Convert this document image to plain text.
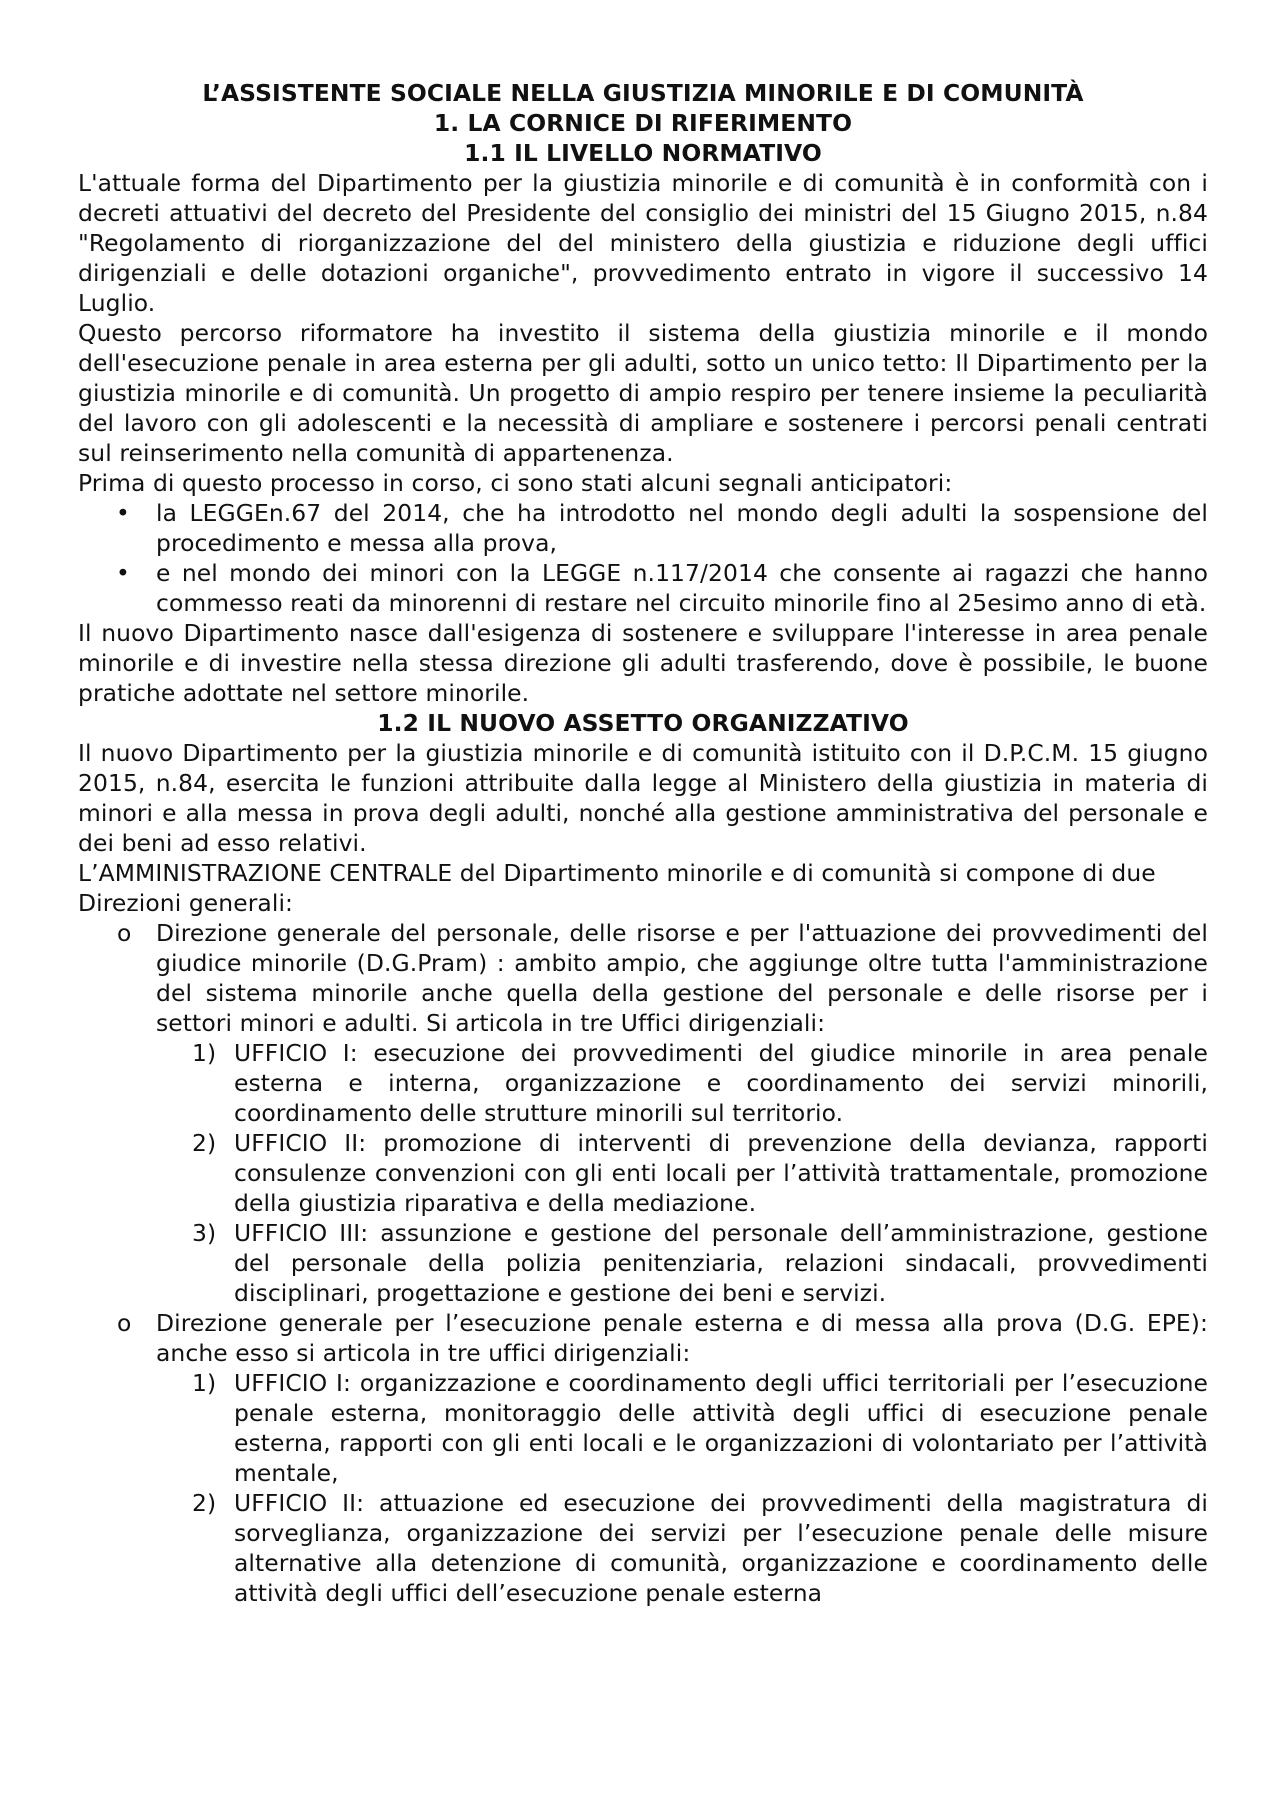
L’ASSISTENTE SOCIALE NELLA GIUSTIZIA MINORILE E DI COMUNITÀ

1. LA CORNICE DI RIFERIMENTO

1.1 IL LIVELLO NORMATIVO

L'attuale forma del Dipartimento per la giustizia minorile e di comunità è in conformità con i decreti attuativi del decreto del Presidente del consiglio dei ministri del 15 Giugno 2015, n.84 "Regolamento di riorganizzazione del del ministero della giustizia e riduzione degli uffici dirigenziali e delle dotazioni organiche", provvedimento entrato in vigore il successivo 14 Luglio.

Questo percorso riformatore ha investito il sistema della giustizia minorile e il mondo dell'esecuzione penale in area esterna per gli adulti, sotto un unico tetto: Il Dipartimento per la giustizia minorile e di comunità. Un progetto di ampio respiro per tenere insieme la peculiarità del lavoro con gli adolescenti e la necessità di ampliare e sostenere i percorsi penali centrati sul reinserimento nella comunità di appartenenza.

Prima di questo processo in corso, ci sono stati alcuni segnali anticipatori:

• la LEGGEn.67 del 2014, che ha introdotto nel mondo degli adulti la sospensione del procedimento e messa alla prova,
• e nel mondo dei minori con la LEGGE n.117/2014 che consente ai ragazzi che hanno commesso reati da minorenni di restare nel circuito minorile fino al 25esimo anno di età.

Il nuovo Dipartimento nasce dall'esigenza di sostenere e sviluppare l'interesse in area penale minorile e di investire nella stessa direzione gli adulti trasferendo, dove è possibile, le buone pratiche adottate nel settore minorile.

1.2 IL NUOVO ASSETTO ORGANIZZATIVO

Il nuovo Dipartimento per la giustizia minorile e di comunità istituito con il D.P.C.M. 15 giugno 2015, n.84, esercita le funzioni attribuite dalla legge al Ministero della giustizia in materia di minori e alla messa in prova degli adulti, nonché alla gestione amministrativa del personale e dei beni ad esso relativi.

L’AMMINISTRAZIONE CENTRALE del Dipartimento minorile e di comunità si compone di due Direzioni generali:

o Direzione generale del personale, delle risorse e per l'attuazione dei provvedimenti del giudice minorile (D.G.Pram) : ambito ampio, che aggiunge oltre tutta l'amministrazione del sistema minorile anche quella della gestione del personale e delle risorse per i settori minori e adulti. Si articola in tre Uffici dirigenziali:
1) UFFICIO I: esecuzione dei provvedimenti del giudice minorile in area penale esterna e interna, organizzazione e coordinamento dei servizi minorili, coordinamento delle strutture minorili sul territorio.
2) UFFICIO II: promozione di interventi di prevenzione della devianza, rapporti consulenze convenzioni con gli enti locali per l’attività trattamentale, promozione della giustizia riparativa e della mediazione.
3) UFFICIO III: assunzione e gestione del personale dell’amministrazione, gestione del personale della polizia penitenziaria, relazioni sindacali, provvedimenti disciplinari, progettazione e gestione dei beni e servizi.
o Direzione generale per l’esecuzione penale esterna e di messa alla prova (D.G. EPE): anche esso si articola in tre uffici dirigenziali:
1) UFFICIO I: organizzazione e coordinamento degli uffici territoriali per l’esecuzione penale esterna, monitoraggio delle attività degli uffici di esecuzione penale esterna, rapporti con gli enti locali e le organizzazioni di volontariato per l’attività mentale,
2) UFFICIO II: attuazione ed esecuzione dei provvedimenti della magistratura di sorveglianza, organizzazione dei servizi per l’esecuzione penale delle misure alternative alla detenzione di comunità, organizzazione e coordinamento delle attività degli uffici dell’esecuzione penale esterna
